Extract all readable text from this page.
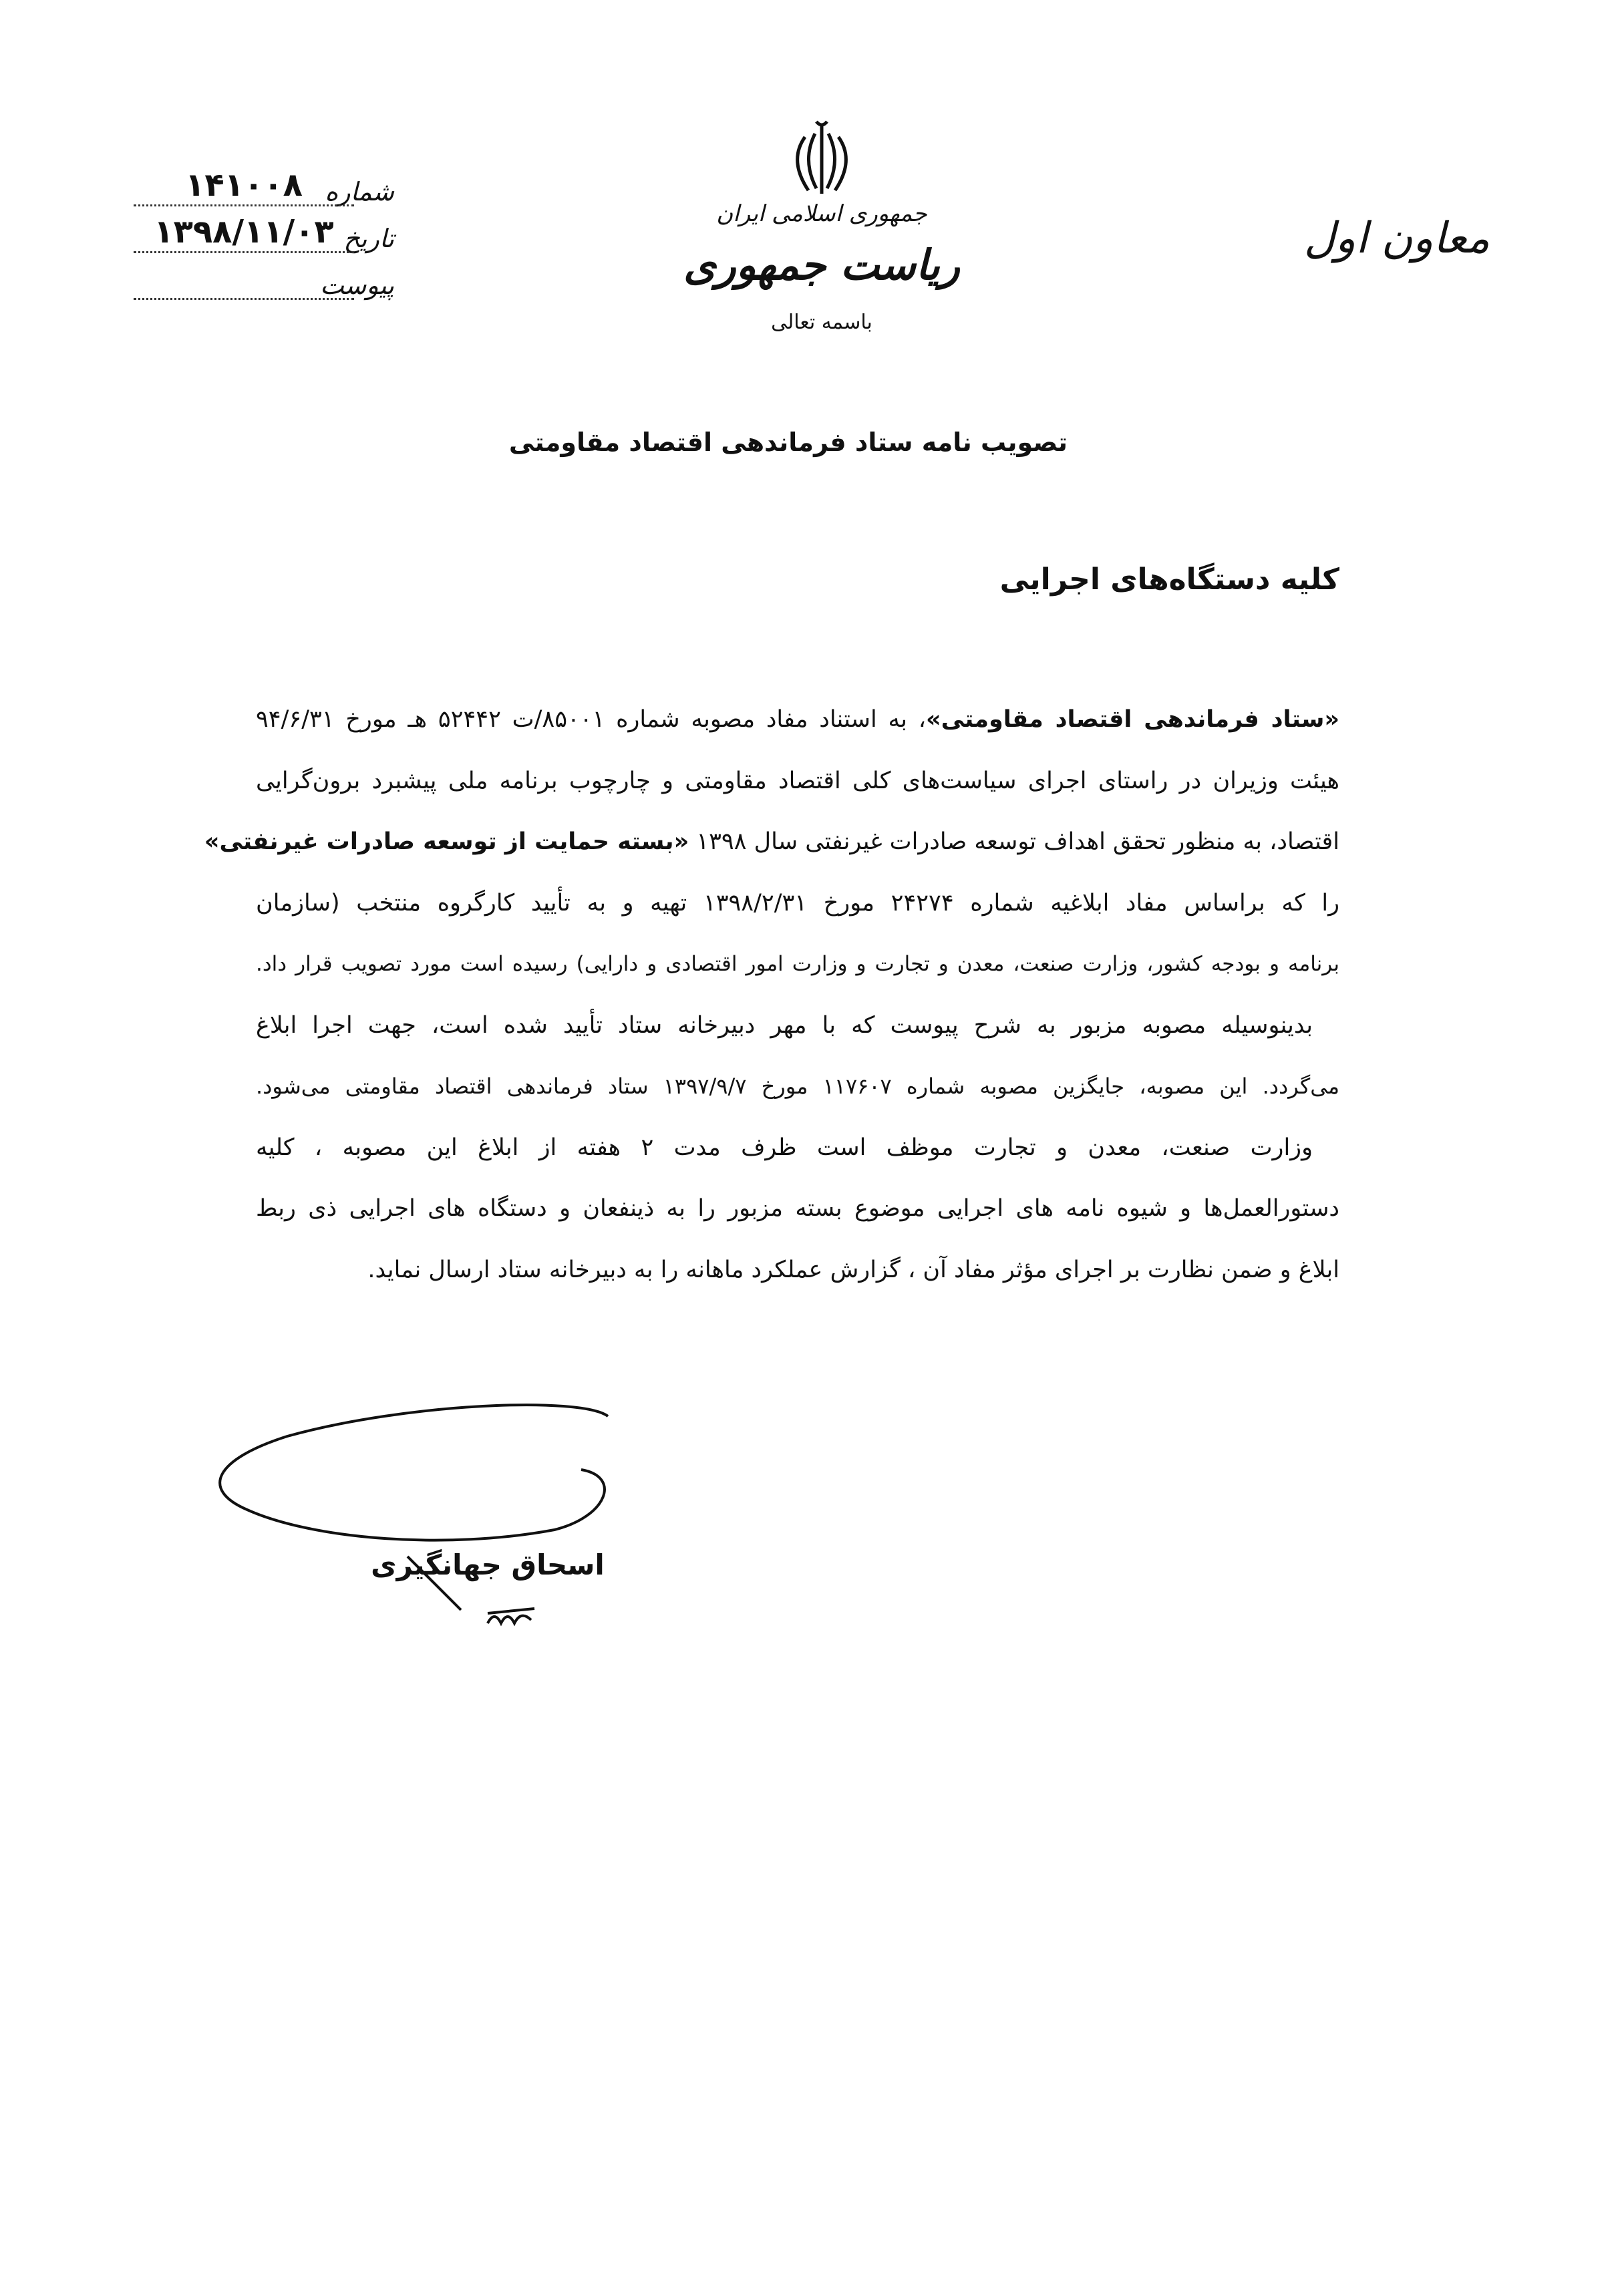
جمهوری اسلامی ایران
ریاست جمهوری
باسمه تعالی
معاون اول
شماره
۱۴۱۰۰۸
تاریخ
۱۳۹۸/۱۱/۰۳
پیوست
تصویب نامه ستاد فرماندهی اقتصاد مقاومتی
کلیه دستگاه‌های اجرایی
«ستاد فرماندهی اقتصاد مقاومتی»، به استناد مفاد مصوبه شماره ۸۵۰۰۱/ت ۵۲۴۴۲ هـ مورخ ۹۴/۶/۳۱
هیئت وزیران در راستای اجرای سیاست‌های کلی اقتصاد مقاومتی و چارچوب برنامه ملی پیشبرد برون‌گرایی
اقتصاد، به منظور تحقق اهداف توسعه صادرات غیرنفتی سال ۱۳۹۸ «بسته حمایت از توسعه صادرات غیرنفتی»
را که براساس مفاد ابلاغیه شماره ۲۴۲۷۴ مورخ ۱۳۹۸/۲/۳۱ تهیه و به تأیید کارگروه منتخب (سازمان
برنامه و بودجه کشور، وزارت صنعت، معدن و تجارت و وزارت امور اقتصادی و دارایی) رسیده است مورد تصویب قرار داد.
بدینوسیله مصوبه مزبور به شرح پیوست که با مهر دبیرخانه ستاد تأیید شده است، جهت اجرا ابلاغ
می‌گردد. این مصوبه، جایگزین مصوبه شماره ۱۱۷۶۰۷ مورخ ۱۳۹۷/۹/۷ ستاد فرماندهی اقتصاد مقاومتی می‌شود.
وزارت صنعت، معدن و تجارت موظف است ظرف مدت ۲ هفته از ابلاغ این مصوبه ، کلیه
دستورالعمل‌ها و شیوه نامه های اجرایی موضوع بسته مزبور را به ذینفعان و دستگاه های اجرایی ذی ربط
ابلاغ و ضمن نظارت بر اجرای مؤثر مفاد آن ، گزارش عملکرد ماهانه را به دبیرخانه ستاد ارسال نماید.
اسحاق جهانگیری
